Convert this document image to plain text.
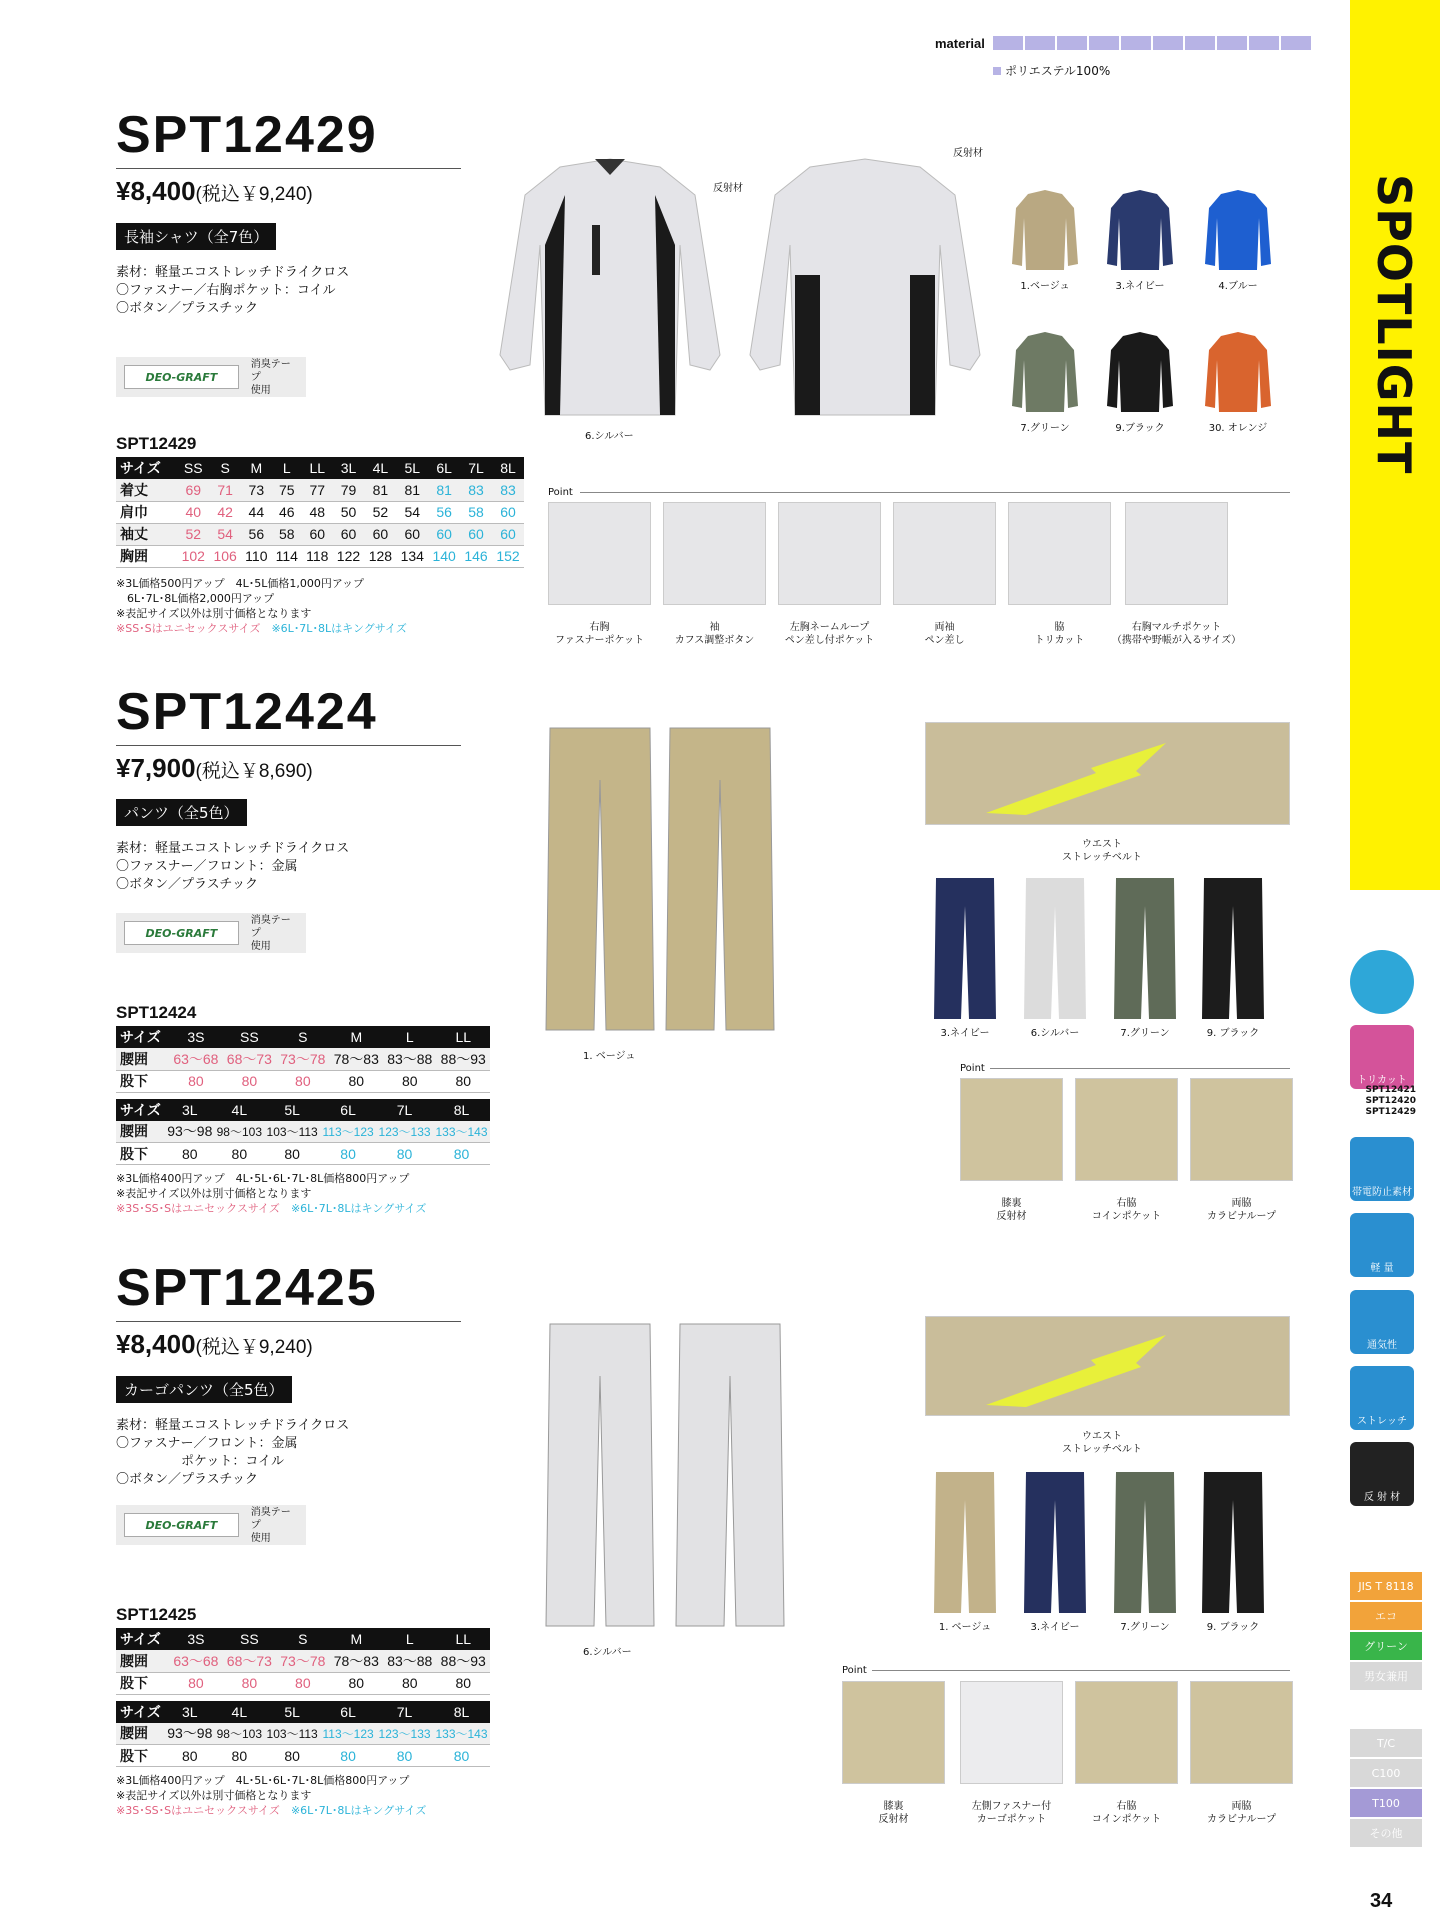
material
ポリエステル100%
SPOTLIGHT
トリカット
帯電防止素材
軽 量
通気性
ストレッチ
反 射 材
SPT12421
SPT12420
SPT12429
JIS T 8118
エコ
グリーン
男女兼用
T/C
C100
T100
その他
34
SPT12429
¥8,400(税込￥9,240)
長袖シャツ（全7色）
素材：軽量エコストレッチドライクロス
〇ファスナー／右胸ポケット：コイル
〇ボタン／プラスチック
DEO-GRAFT
消臭テープ
使用
SPT12429
サイズ	SS	S	M	L	LL	3L	4L	5L	6L	7L	8L
着丈	69	71	73	75	77	79	81	81	81	83	83
肩巾	40	42	44	46	48	50	52	54	56	58	60
袖丈	52	54	56	58	60	60	60	60	60	60	60
胸囲	102	106	110	114	118	122	128	134	140	146	152
※3L価格500円アップ　4L･5L価格1,000円アップ
　6L･7L･8L価格2,000円アップ
※表記サイズ以外は別寸価格となります
※SS･Sはユニセックスサイズ　※6L･7L･8Lはキングサイズ
6.シルバー
反射材
反射材
1.ベージュ	3.ネイビー	4.ブルー
7.グリーン	9.ブラック	30. オレンジ
Point
右胸
ファスナーポケット
袖
カフス調整ボタン
左胸ネームループ
ペン差し付ポケット
両袖
ペン差し
脇
トリカット
右胸マルチポケット
（携帯や野帳が入るサイズ）
SPT12424
¥7,900(税込￥8,690)
パンツ（全5色）
素材：軽量エコストレッチドライクロス
〇ファスナー／フロント：金属
〇ボタン／プラスチック
DEO-GRAFT
消臭テープ
使用
SPT12424
サイズ	3S	SS	S	M	L	LL
腰囲	63～68	68～73	73～78	78～83	83～88	88～93
股下	80	80	80	80	80	80
サイズ	3L	4L	5L	6L	7L	8L
腰囲	93～98	98～103	103～113	113～123	123～133	133～143
股下	80	80	80	80	80	80
※3L価格400円アップ　4L･5L･6L･7L･8L価格800円アップ
※表記サイズ以外は別寸価格となります
※3S･SS･Sはユニセックスサイズ　※6L･7L･8Lはキングサイズ
1. ベージュ
ウエスト
ストレッチベルト
3.ネイビー	6.シルバー	7.グリーン	9. ブラック
Point
膝裏
反射材
右脇
コインポケット
両脇
カラビナループ
SPT12425
¥8,400(税込￥9,240)
カーゴパンツ（全5色）
素材：軽量エコストレッチドライクロス
〇ファスナー／フロント：金属
　　　　　ポケット：コイル
〇ボタン／プラスチック
DEO-GRAFT
消臭テープ
使用
SPT12425
サイズ	3S	SS	S	M	L	LL
腰囲	63～68	68～73	73～78	78～83	83～88	88～93
股下	80	80	80	80	80	80
サイズ	3L	4L	5L	6L	7L	8L
腰囲	93～98	98～103	103～113	113～123	123～133	133～143
股下	80	80	80	80	80	80
※3L価格400円アップ　4L･5L･6L･7L･8L価格800円アップ
※表記サイズ以外は別寸価格となります
※3S･SS･Sはユニセックスサイズ　※6L･7L･8Lはキングサイズ
6.シルバー
ウエスト
ストレッチベルト
1. ベージュ	3.ネイビー	7.グリーン	9. ブラック
Point
膝裏
反射材
左側ファスナー付
カーゴポケット
右脇
コインポケット
両脇
カラビナループ
